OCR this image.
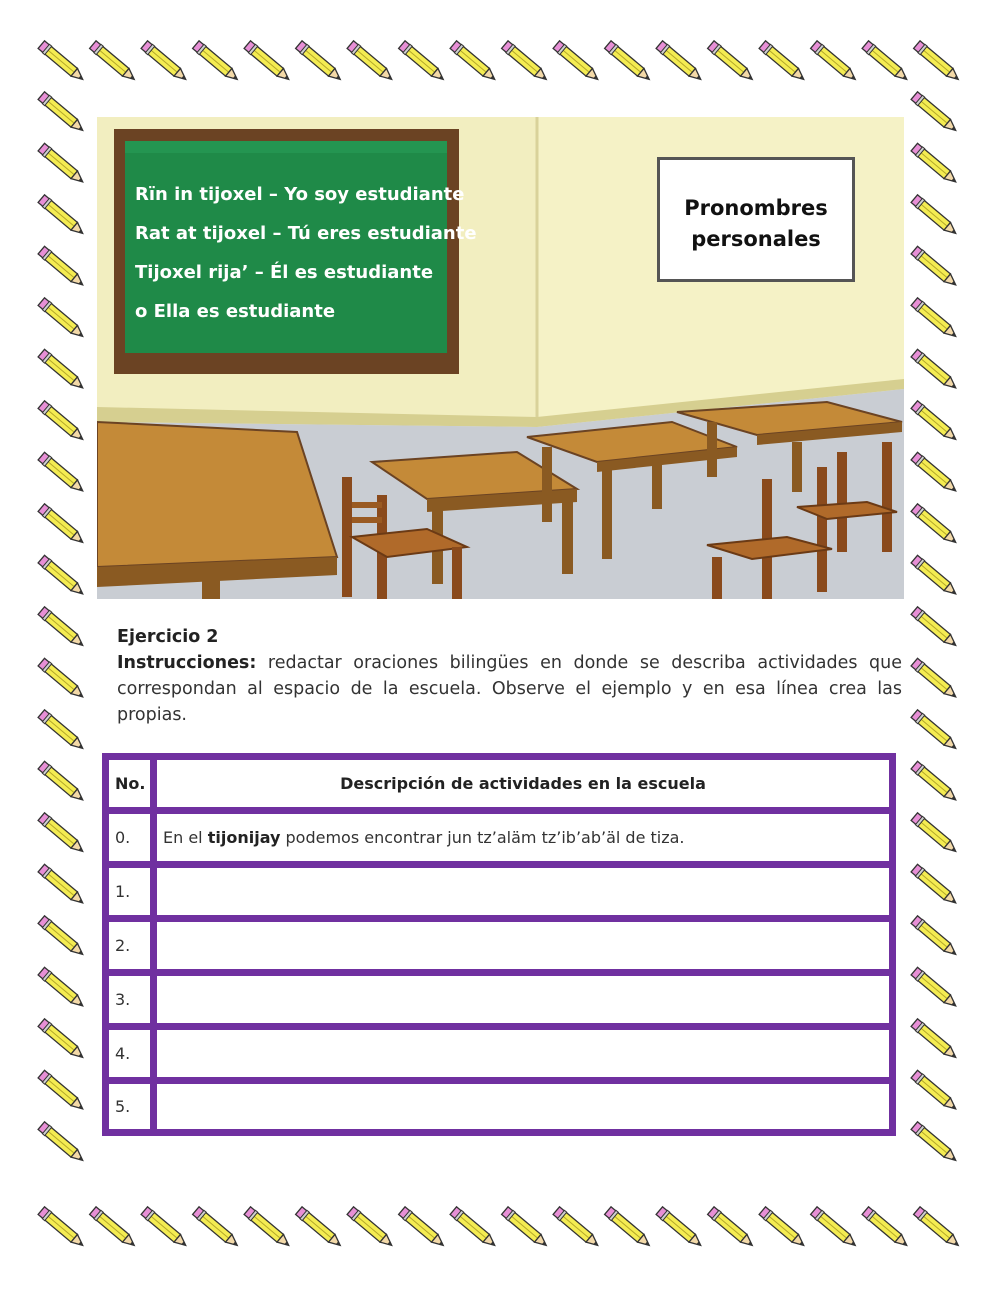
Rïn in tijoxel – Yo soy estudiante
Rat at tijoxel – Tú eres estudiante
Tijoxel rija’ – Él es estudiante
o Ella es estudiante
Pronombres personales
Ejercicio 2

Instrucciones: redactar oraciones bilingües en donde se describa actividades que correspondan al espacio de la escuela. Observe el ejemplo y en esa línea crea las propias.

No.	Descripción de actividades en la escuela
0.	En el tijonijay podemos encontrar jun tz’aläm tz’ib’ab’äl de tiza.
1.
2.
3.
4.
5.
